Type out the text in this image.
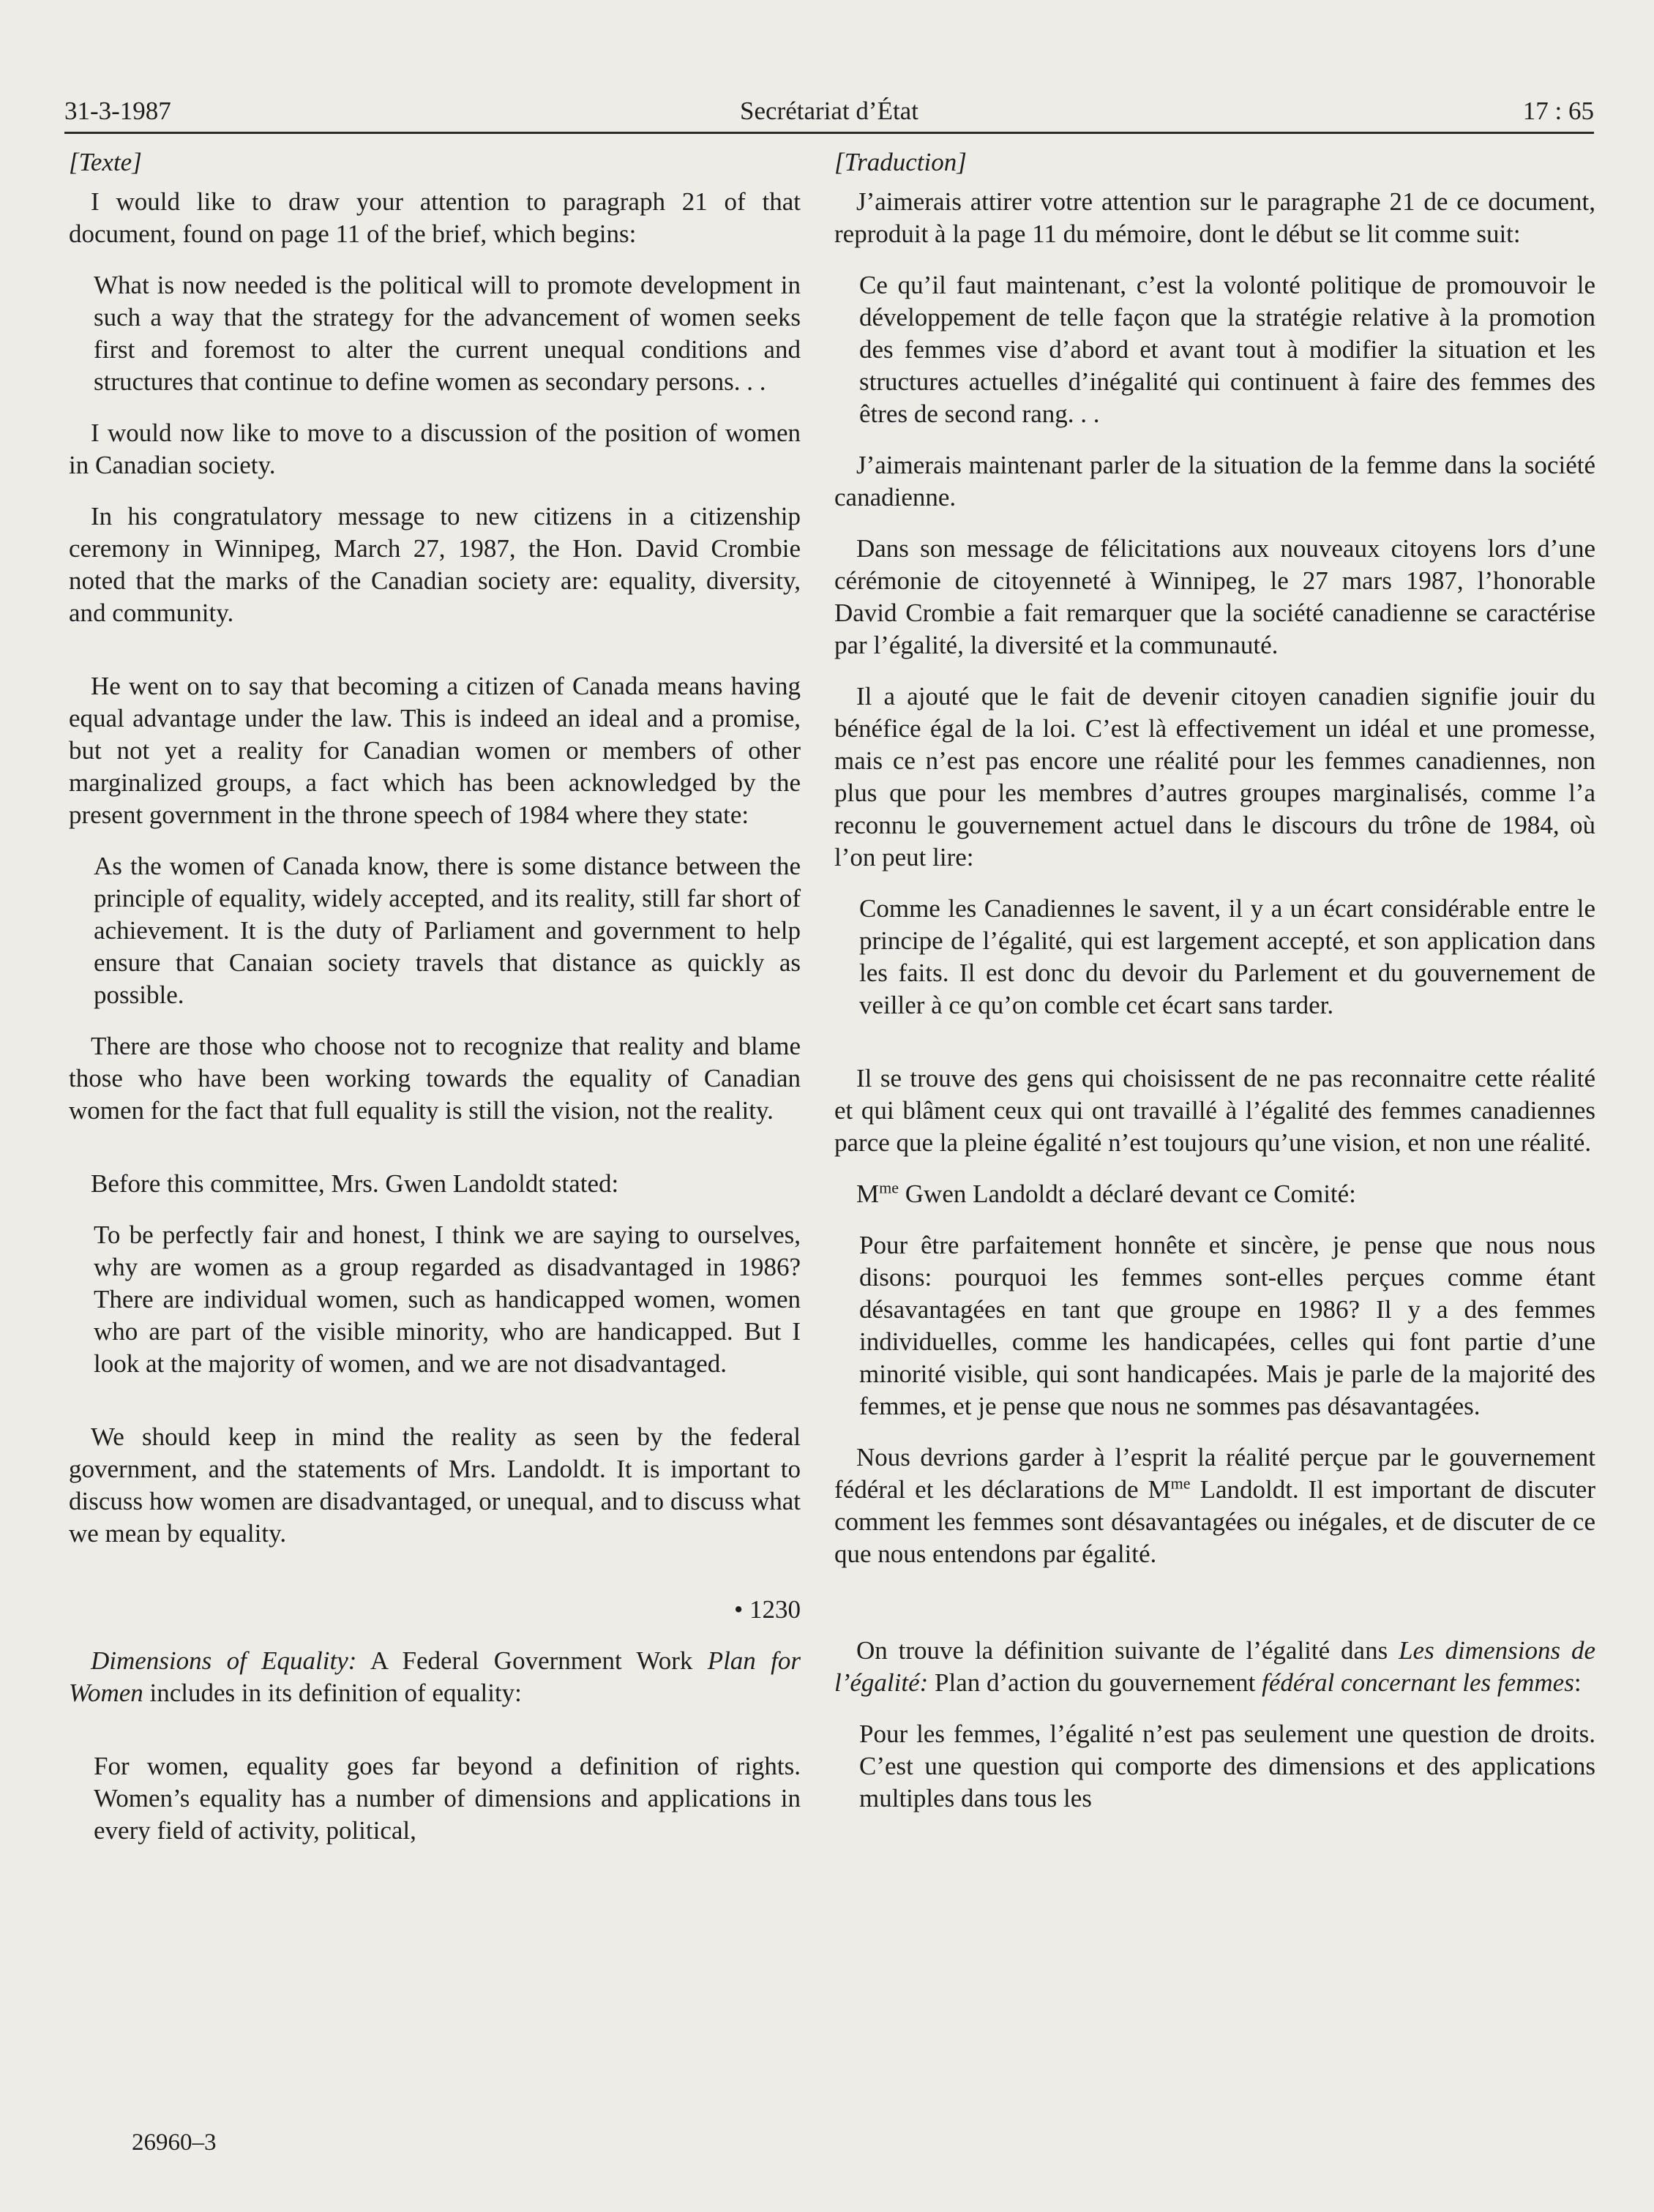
31-3-1987	Secrétariat d’État	17 : 65

[Texte]

I would like to draw your attention to paragraph 21 of that document, found on page 11 of the brief, which begins:

What is now needed is the political will to promote development in such a way that the strategy for the advancement of women seeks first and foremost to alter the current unequal conditions and structures that continue to define women as secondary persons. . .

I would now like to move to a discussion of the position of women in Canadian society.

In his congratulatory message to new citizens in a citizenship ceremony in Winnipeg, March 27, 1987, the Hon. David Crombie noted that the marks of the Canadian society are: equality, diversity, and community.

He went on to say that becoming a citizen of Canada means having equal advantage under the law. This is indeed an ideal and a promise, but not yet a reality for Canadian women or members of other marginalized groups, a fact which has been acknowledged by the present government in the throne speech of 1984 where they state:

As the women of Canada know, there is some distance between the principle of equality, widely accepted, and its reality, still far short of achievement. It is the duty of Parliament and government to help ensure that Canaian society travels that distance as quickly as possible.

There are those who choose not to recognize that reality and blame those who have been working towards the equality of Canadian women for the fact that full equality is still the vision, not the reality.

Before this committee, Mrs. Gwen Landoldt stated:

To be perfectly fair and honest, I think we are saying to ourselves, why are women as a group regarded as disadvantaged in 1986? There are individual women, such as handicapped women, women who are part of the visible minority, who are handicapped. But I look at the majority of women, and we are not disadvantaged.

We should keep in mind the reality as seen by the federal government, and the statements of Mrs. Landoldt. It is important to discuss how women are disadvantaged, or unequal, and to discuss what we mean by equality.

• 1230

Dimensions of Equality: A Federal Government Work Plan for Women includes in its definition of equality:

For women, equality goes far beyond a definition of rights. Women’s equality has a number of dimensions and applications in every field of activity, political,

[Traduction]

J’aimerais attirer votre attention sur le paragraphe 21 de ce document, reproduit à la page 11 du mémoire, dont le début se lit comme suit:

Ce qu’il faut maintenant, c’est la volonté politique de promouvoir le développement de telle façon que la stratégie relative à la promotion des femmes vise d’abord et avant tout à modifier la situation et les structures actuelles d’inégalité qui continuent à faire des femmes des êtres de second rang. . .

J’aimerais maintenant parler de la situation de la femme dans la société canadienne.

Dans son message de félicitations aux nouveaux citoyens lors d’une cérémonie de citoyenneté à Winnipeg, le 27 mars 1987, l’honorable David Crombie a fait remarquer que la société canadienne se caractérise par l’égalité, la diversité et la communauté.

Il a ajouté que le fait de devenir citoyen canadien signifie jouir du bénéfice égal de la loi. C’est là effectivement un idéal et une promesse, mais ce n’est pas encore une réalité pour les femmes canadiennes, non plus que pour les membres d’autres groupes marginalisés, comme l’a reconnu le gouvernement actuel dans le discours du trône de 1984, où l’on peut lire:

Comme les Canadiennes le savent, il y a un écart considérable entre le principe de l’égalité, qui est largement accepté, et son application dans les faits. Il est donc du devoir du Parlement et du gouvernement de veiller à ce qu’on comble cet écart sans tarder.

Il se trouve des gens qui choisissent de ne pas reconnaitre cette réalité et qui blâment ceux qui ont travaillé à l’égalité des femmes canadiennes parce que la pleine égalité n’est toujours qu’une vision, et non une réalité.

$M^{me}$ Gwen Landoldt a déclaré devant ce Comité:

Pour être parfaitement honnête et sincère, je pense que nous nous disons: pourquoi les femmes sont-elles perçues comme étant désavantagées en tant que groupe en 1986? Il y a des femmes individuelles, comme les handicapées, celles qui font partie d’une minorité visible, qui sont handicapées. Mais je parle de la majorité des femmes, et je pense que nous ne sommes pas désavantagées.

Nous devrions garder à l’esprit la réalité perçue par le gouvernement fédéral et les déclarations de $M^{me}$ Landoldt. Il est important de discuter comment les femmes sont désavantagées ou inégales, et de discuter de ce que nous entendons par égalité.

On trouve la définition suivante de l’égalité dans Les dimensions de l’égalité: Plan d’action du gouvernement fédéral concernant les femmes:

Pour les femmes, l’égalité n’est pas seulement une question de droits. C’est une question qui comporte des dimensions et des applications multiples dans tous les

26960–3
